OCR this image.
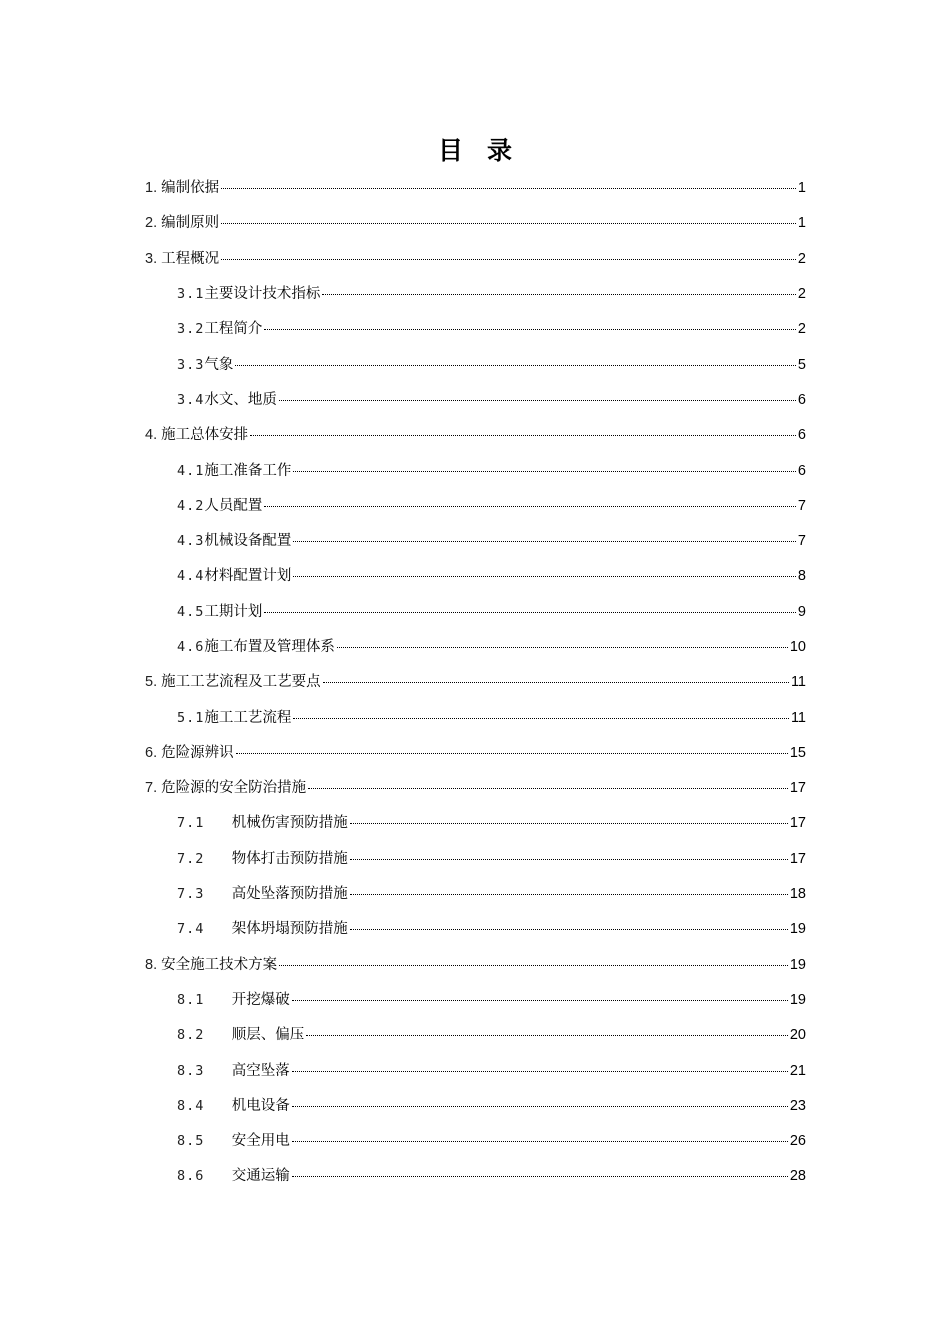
目录
1. 编制依据	1
2. 编制原则	1
3. 工程概况	2
3.1 主要设计技术指标	2
3.2 工程简介	2
3.3 气象	5
3.4 水文、地质	6
4. 施工总体安排	6
4.1 施工准备工作	6
4.2 人员配置	7
4.3 机械设备配置	7
4.4 材料配置计划	8
4.5 工期计划	9
4.6 施工布置及管理体系	10
5. 施工工艺流程及工艺要点	11
5.1 施工工艺流程	11
6. 危险源辨识	15
7. 危险源的安全防治措施	17
7.1 机械伤害预防措施	17
7.2 物体打击预防措施	17
7.3 高处坠落预防措施	18
7.4 架体坍塌预防措施	19
8. 安全施工技术方案	19
8.1 开挖爆破	19
8.2 顺层、偏压	20
8.3 高空坠落	21
8.4 机电设备	23
8.5 安全用电	26
8.6 交通运输	28
